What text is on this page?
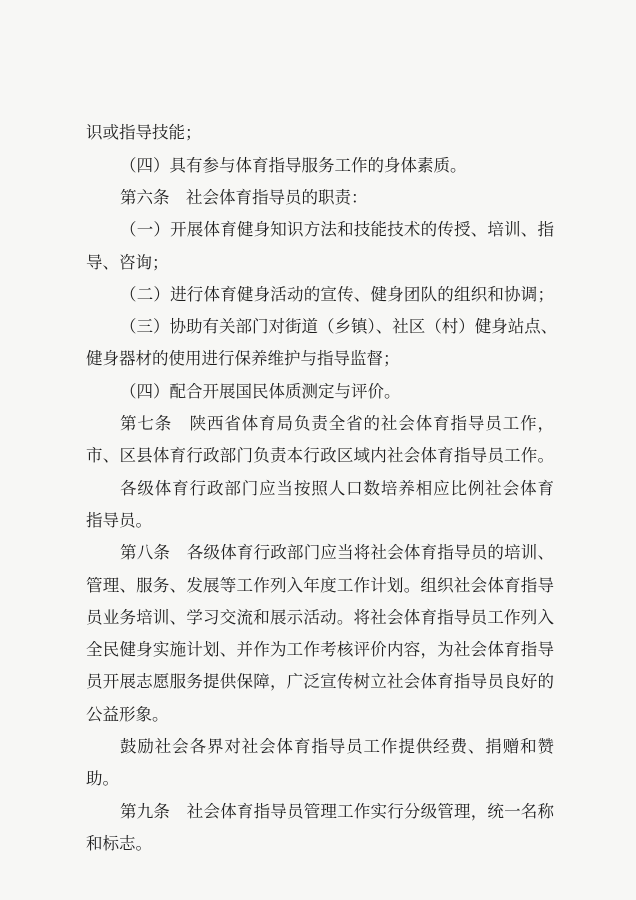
识或指导技能；
（四）具有参与体育指导服务工作的身体素质。
第六条　社会体育指导员的职责：
（一）开展体育健身知识方法和技能技术的传授、培训、指
导、咨询；
（二）进行体育健身活动的宣传、健身团队的组织和协调；
（三）协助有关部门对街道（乡镇）、社区（村）健身站点、
健身器材的使用进行保养维护与指导监督；
（四）配合开展国民体质测定与评价。
第七条　陕西省体育局负责全省的社会体育指导员工作，
市、区县体育行政部门负责本行政区域内社会体育指导员工作。
各级体育行政部门应当按照人口数培养相应比例社会体育
指导员。
第八条　各级体育行政部门应当将社会体育指导员的培训、
管理、服务、发展等工作列入年度工作计划。组织社会体育指导
员业务培训、学习交流和展示活动。将社会体育指导员工作列入
全民健身实施计划、并作为工作考核评价内容，为社会体育指导
员开展志愿服务提供保障，广泛宣传树立社会体育指导员良好的
公益形象。
鼓励社会各界对社会体育指导员工作提供经费、捐赠和赞
助。
第九条　社会体育指导员管理工作实行分级管理，统一名称
和标志。
